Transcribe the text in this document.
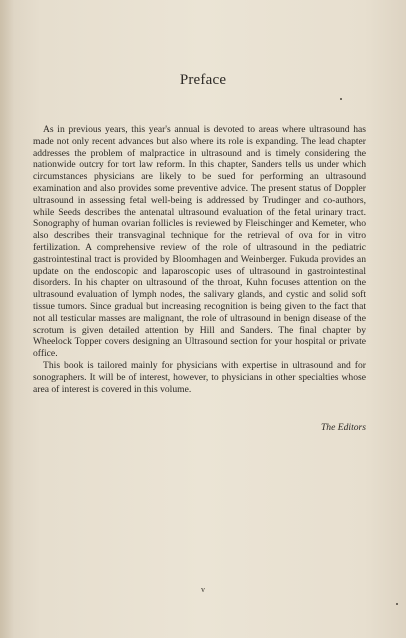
Preface

As in previous years, this year's annual is devoted to areas where ultrasound has made not only recent advances but also where its role is expanding. The lead chapter addresses the problem of malpractice in ultrasound and is timely considering the nationwide outcry for tort law reform. In this chapter, Sanders tells us under which circumstances physicians are likely to be sued for performing an ultrasound examination and also provides some preventive advice. The present status of Doppler ultrasound in assessing fetal well-being is addressed by Trudinger and co-authors, while Seeds describes the antenatal ultrasound evaluation of the fetal urinary tract. Sonography of human ovarian follicles is reviewed by Fleischinger and Kemeter, who also describes their transvaginal technique for the retrieval of ova for in vitro fertilization. A comprehensive review of the role of ultrasound in the pediatric gastrointestinal tract is provided by Bloomhagen and Weinberger. Fukuda provides an update on the endoscopic and laparoscopic uses of ultrasound in gastrointestinal disorders. In his chapter on ultrasound of the throat, Kuhn focuses attention on the ultrasound evaluation of lymph nodes, the salivary glands, and cystic and solid soft tissue tumors. Since gradual but increasing recognition is being given to the fact that not all testicular masses are malignant, the role of ultrasound in benign disease of the scrotum is given detailed attention by Hill and Sanders. The final chapter by Wheelock Topper covers designing an Ultrasound section for your hospital or private office.

This book is tailored mainly for physicians with expertise in ultrasound and for sonographers. It will be of interest, however, to physicians in other specialties whose area of interest is covered in this volume.

The Editors
v
